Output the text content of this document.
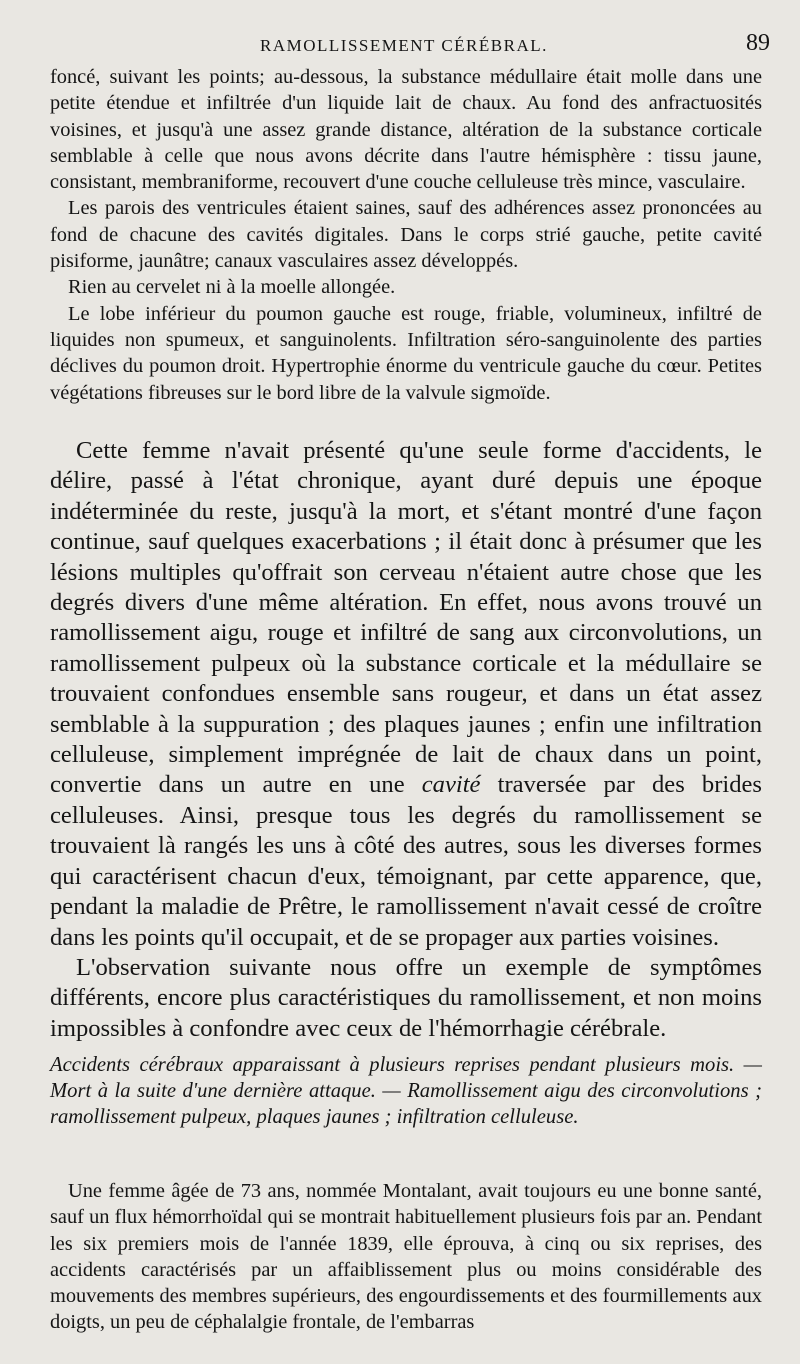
RAMOLLISSEMENT CÉRÉBRAL.	89

foncé, suivant les points; au-dessous, la substance médullaire était molle dans une petite étendue et infiltrée d'un liquide lait de chaux. Au fond des anfractuosités voisines, et jusqu'à une assez grande distance, altération de la substance corticale semblable à celle que nous avons décrite dans l'autre hémisphère : tissu jaune, consistant, membraniforme, recouvert d'une couche celluleuse très mince, vasculaire.

Les parois des ventricules étaient saines, sauf des adhérences assez prononcées au fond de chacune des cavités digitales. Dans le corps strié gauche, petite cavité pisiforme, jaunâtre; canaux vasculaires assez développés.

Rien au cervelet ni à la moelle allongée.

Le lobe inférieur du poumon gauche est rouge, friable, volumineux, infiltré de liquides non spumeux, et sanguinolents. Infiltration séro-sanguinolente des parties déclives du poumon droit. Hypertrophie énorme du ventricule gauche du cœur. Petites végétations fibreuses sur le bord libre de la valvule sigmoïde.

Cette femme n'avait présenté qu'une seule forme d'accidents, le délire, passé à l'état chronique, ayant duré depuis une époque indéterminée du reste, jusqu'à la mort, et s'étant montré d'une façon continue, sauf quelques exacerbations ; il était donc à présumer que les lésions multiples qu'offrait son cerveau n'étaient autre chose que les degrés divers d'une même altération. En effet, nous avons trouvé un ramollissement aigu, rouge et infiltré de sang aux circonvolutions, un ramollissement pulpeux où la substance corticale et la médullaire se trouvaient confondues ensemble sans rougeur, et dans un état assez semblable à la suppuration ; des plaques jaunes ; enfin une infiltration celluleuse, simplement imprégnée de lait de chaux dans un point, convertie dans un autre en une cavité traversée par des brides celluleuses. Ainsi, presque tous les degrés du ramollissement se trouvaient là rangés les uns à côté des autres, sous les diverses formes qui caractérisent chacun d'eux, témoignant, par cette apparence, que, pendant la maladie de Prêtre, le ramollissement n'avait cessé de croître dans les points qu'il occupait, et de se propager aux parties voisines.

L'observation suivante nous offre un exemple de symptômes différents, encore plus caractéristiques du ramollissement, et non moins impossibles à confondre avec ceux de l'hémorrhagie cérébrale.

Accidents cérébraux apparaissant à plusieurs reprises pendant plusieurs mois. — Mort à la suite d'une dernière attaque. — Ramollissement aigu des circonvolutions ; ramollissement pulpeux, plaques jaunes ; infiltration celluleuse.

Une femme âgée de 73 ans, nommée Montalant, avait toujours eu une bonne santé, sauf un flux hémorrhoïdal qui se montrait habituellement plusieurs fois par an. Pendant les six premiers mois de l'année 1839, elle éprouva, à cinq ou six reprises, des accidents caractérisés par un affaiblissement plus ou moins considérable des mouvements des membres supérieurs, des engourdissements et des fourmillements aux doigts, un peu de céphalalgie frontale, de l'embarras
